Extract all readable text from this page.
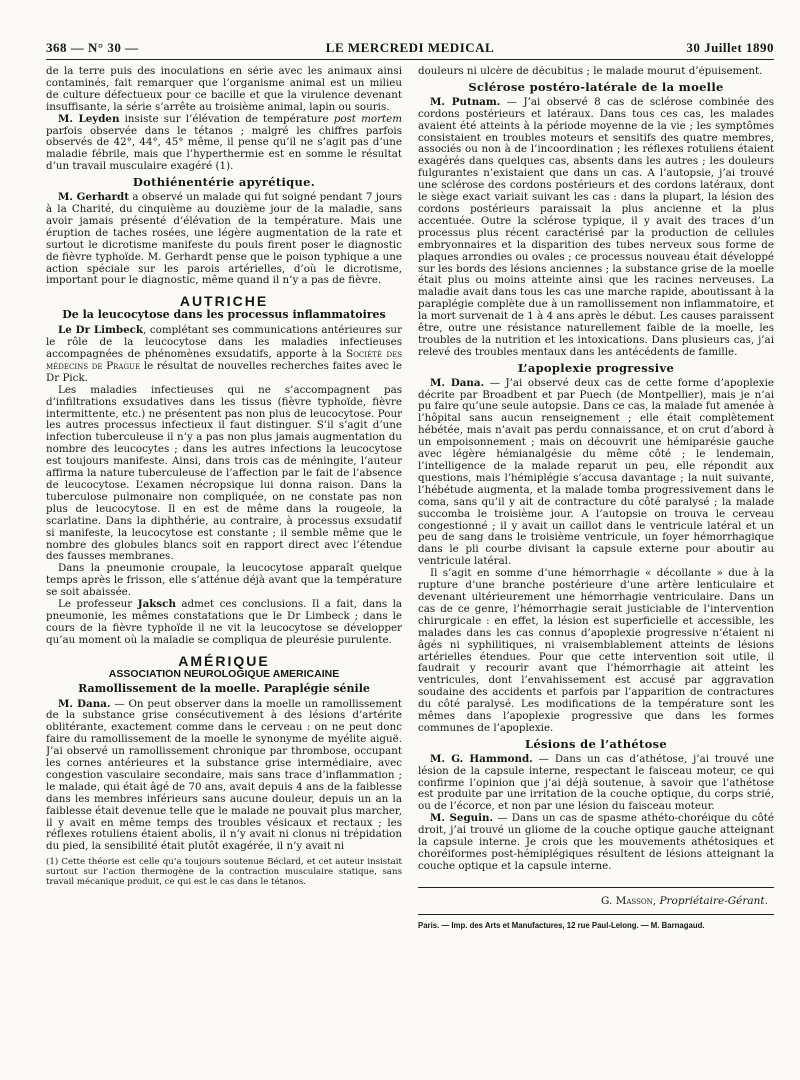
368 — N° 30 —	LE MERCREDI MEDICAL	30 Juillet 1890

de la terre puis des inoculations en série avec les animaux ainsi contaminés, fait remarquer que l’organisme animal est un milieu de culture défectueux pour ce bacille et que la virulence devenant insuffisante, la série s’arrête au troisième animal, lapin ou souris.

M. Leyden insiste sur l’élévation de température post mortem parfois observée dans le tétanos ; malgré les chiffres parfois observés de 42°, 44°, 45° même, il pense qu’il ne s’agit pas d’une maladie fébrile, mais que l’hyperthermie est en somme le résultat d’un travail musculaire exagéré (1).

Dothiénentérie apyrétique.

M. Gerhardt a observé un malade qui fut soigné pendant 7 jours à la Charité, du cinquième au douzième jour de la maladie, sans avoir jamais présenté d’élévation de la température. Mais une éruption de taches rosées, une légère augmentation de la rate et surtout le dicrotisme manifeste du pouls firent poser le diagnostic de fièvre typhoïde. M. Gerhardt pense que le poison typhique a une action spéciale sur les parois artérielles, d’où le dicrotisme, important pour le diagnostic, même quand il n’y a pas de fièvre.

AUTRICHE
De la leucocytose dans les processus inflammatoires

Le Dr Limbeck, complétant ses communications antérieures sur le rôle de la leucocytose dans les maladies infectieuses accompagnées de phénomènes exsudatifs, apporte à la Société des médecins de Prague le résultat de nouvelles recherches faites avec le Dr Pick.

Les maladies infectieuses qui ne s’accompagnent pas d’infiltrations exsudatives dans les tissus (fièvre typhoïde, fièvre intermittente, etc.) ne présentent pas non plus de leucocytose. Pour les autres processus infectieux il faut distinguer. S’il s’agit d’une infection tuberculeuse il n’y a pas non plus jamais augmentation du nombre des leucocytes ; dans les autres infections la leucocytose est toujours manifeste. Ainsi, dans trois cas de méningite, l’auteur affirma la nature tuberculeuse de l’affection par le fait de l’absence de leucocytose. L’examen nécropsique lui donna raison. Dans la tuberculose pulmonaire non compliquée, on ne constate pas non plus de leucocytose. Il en est de même dans la rougeole, la scarlatine. Dans la diphthérie, au contraire, à processus exsudatif si manifeste, la leucocytose est constante ; il semble même que le nombre des globules blancs soit en rapport direct avec l’étendue des fausses membranes.

Dans la pneumonie croupale, la leucocytose apparaît quelque temps après le frisson, elle s’atténue déjà avant que la température se soit abaissée.

Le professeur Jaksch admet ces conclusions. Il a fait, dans la pneumonie, les mêmes constatations que le Dr Limbeck ; dans le cours de la fièvre typhoïde il ne vit la leucocytose se développer qu’au moment où la maladie se compliqua de pleurésie purulente.

AMÉRIQUE
ASSOCIATION NEUROLOGIQUE AMERICAINE
Ramollissement de la moelle. Paraplégie sénile

M. Dana. — On peut observer dans la moelle un ramollissement de la substance grise consécutivement à des lésions d’artérite oblitérante, exactement comme dans le cerveau : on ne peut donc faire du ramollissement de la moelle le synonyme de myélite aiguë. J’ai observé un ramollissement chronique par thrombose, occupant les cornes antérieures et la substance grise intermédiaire, avec congestion vasculaire secondaire, mais sans trace d’inflammation ; le malade, qui était âgé de 70 ans, avait depuis 4 ans de la faiblesse dans les membres inférieurs sans aucune douleur, depuis un an la faiblesse était devenue telle que le malade ne pouvait plus marcher, il y avait en même temps des troubles vésicaux et rectaux ; les réflexes rotuliens étaient abolis, il n’y avait ni clonus ni trépidation du pied, la sensibilité était plutôt exagérée, il n’y avait ni

(1) Cette théorie est celle qu’a toujours soutenue Béclard, et cet auteur insistait surtout sur l’action thermogène de la contraction musculaire statique, sans travail mécanique produit, ce qui est le cas dans le tétanos.

douleurs ni ulcère de décubitus ; le malade mourut d’épuisement.

Sclérose postéro-latérale de la moelle

M. Putnam. — J’ai observé 8 cas de sclérose combinée des cordons postérieurs et latéraux. Dans tous ces cas, les malades avaient été atteints à la période moyenne de la vie ; les symptômes consistaient en troubles moteurs et sensitifs des quatre membres, associés ou non à de l’incoordination ; les réflexes rotuliens étaient exagérés dans quelques cas, absents dans les autres ; les douleurs fulgurantes n’existaient que dans un cas. A l’autopsie, j’ai trouvé une sclérose des cordons postérieurs et des cordons latéraux, dont le siège exact variait suivant les cas : dans la plupart, la lésion des cordons postérieurs paraissait la plus ancienne et la plus accentuée. Outre la sclérose typique, il y avait des traces d’un processus plus récent caractérisé par la production de cellules embryonnaires et la disparition des tubes nerveux sous forme de plaques arrondies ou ovales ; ce processus nouveau était développé sur les bords des lésions anciennes ; la substance grise de la moelle était plus ou moins atteinte ainsi que les racines nerveuses. La maladie avait dans tous les cas une marche rapide, aboutissant à la paraplégie complète due à un ramollissement non inflammatoire, et la mort survenait de 1 à 4 ans après le début. Les causes paraissent être, outre une résistance naturellement faible de la moelle, les troubles de la nutrition et les intoxications. Dans plusieurs cas, j’ai relevé des troubles mentaux dans les antécédents de famille.

L’apoplexie progressive

M. Dana. — J’ai observé deux cas de cette forme d’apoplexie décrite par Broadbent et par Puech (de Montpellier), mais je n’ai pu faire qu’une seule autopsie. Dans ce cas, la malade fut amenée à l’hôpital sans aucun renseignement ; elle était complètement hébétée, mais n’avait pas perdu connaissance, et on crut d’abord à un empoisonnement ; mais on découvrit une hémiparésie gauche avec légère hémianalgésie du même côté ; le lendemain, l’intelligence de la malade reparut un peu, elle répondit aux questions, mais l’hémiplégie s’accusa davantage ; la nuit suivante, l’hébétude augmenta, et la malade tomba progressivement dans le coma, sans qu’il y ait de contracture du côté paralysé ; la malade succomba le troisième jour. A l’autopsie on trouva le cerveau congestionné ; il y avait un caillot dans le ventricule latéral et un peu de sang dans le troisième ventricule, un foyer hémorrhagique dans le pli courbe divisant la capsule externe pour aboutir au ventricule latéral.

Il s’agit en somme d’une hémorrhagie « décollante » due à la rupture d’une branche postérieure d’une artère lenticulaire et devenant ultérieurement une hémorrhagie ventriculaire. Dans un cas de ce genre, l’hémorrhagie serait justiciable de l’intervention chirurgicale : en effet, la lésion est superficielle et accessible, les malades dans les cas connus d’apoplexie progressive n’étaient ni âgés ni syphilitiques, ni vraisemblablement atteints de lésions artérielles étendues. Pour que cette intervention soit utile, il faudrait y recourir avant que l’hémorrhagie ait atteint les ventricules, dont l’envahissement est accusé par aggravation soudaine des accidents et parfois par l’apparition de contractures du côté paralysé. Les modifications de la température sont les mêmes dans l’apoplexie progressive que dans les formes communes de l’apoplexie.

Lésions de l’athétose

M. G. Hammond. — Dans un cas d’athétose, j’ai trouvé une lésion de la capsule interne, respectant le faisceau moteur, ce qui confirme l’opinion que j’ai déjà soutenue, à savoir que l’athétose est produite par une irritation de la couche optique, du corps strié, ou de l’écorce, et non par une lésion du faisceau moteur.

M. Seguin. — Dans un cas de spasme athéto-choréique du côté droit, j’ai trouvé un gliome de la couche optique gauche atteignant la capsule interne. Je crois que les mouvements athétosiques et choréiformes post-hémiplégiques résultent de lésions atteignant la couche optique et la capsule interne.

G. Masson, Propriétaire-Gérant.

Paris. — Imp. des Arts et Manufactures, 12 rue Paul-Lelong. — M. Barnagaud.
